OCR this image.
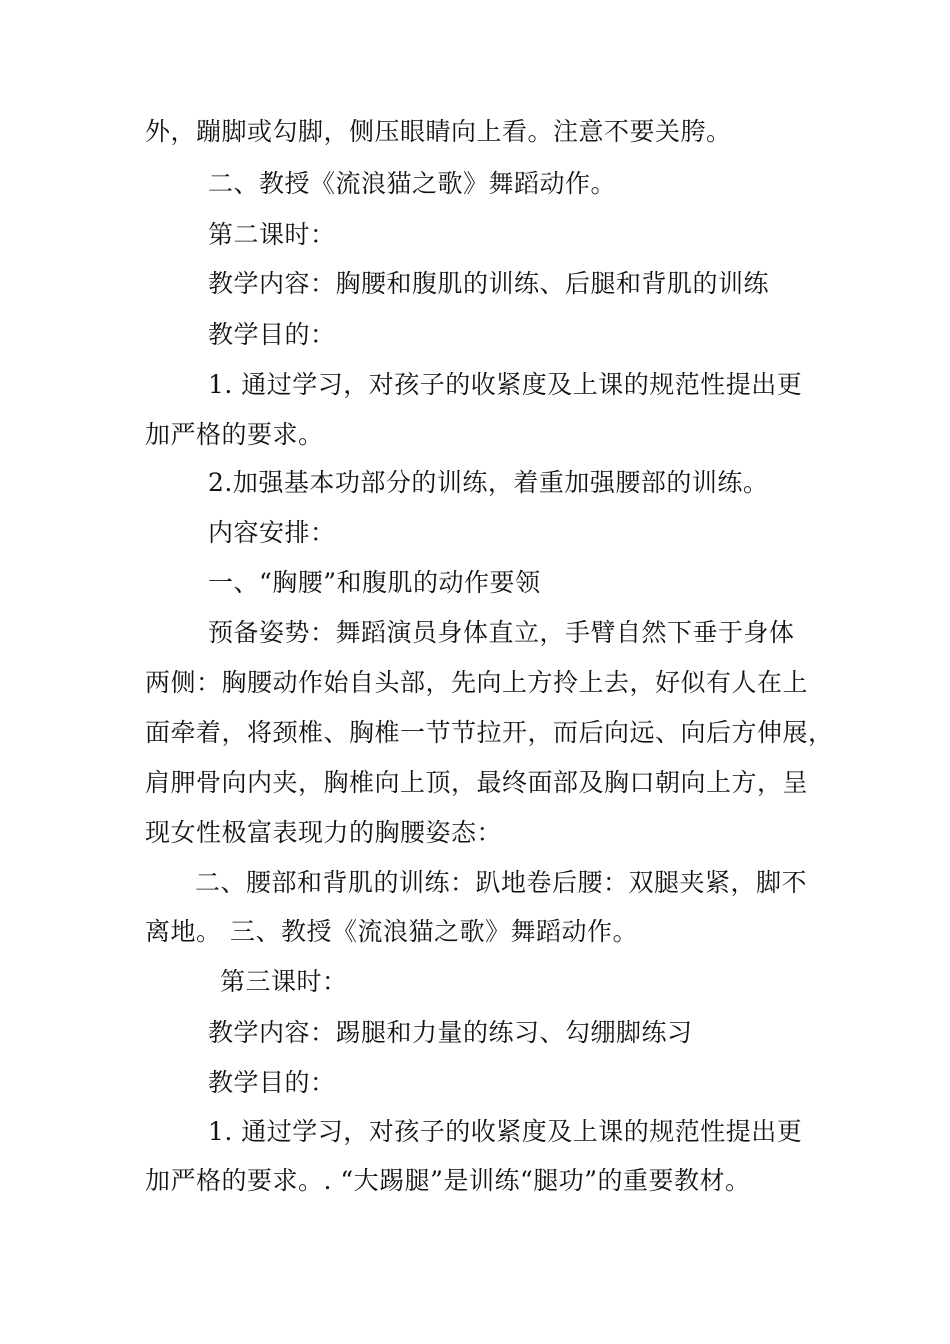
外，蹦脚或勾脚，侧压眼睛向上看。注意不要关胯。
二、教授《流浪猫之歌》舞蹈动作。
第二课时：
教学内容：胸腰和腹肌的训练、后腿和背肌的训练
教学目的：
1. 通过学习，对孩子的收紧度及上课的规范性提出更
加严格的要求。
2.加强基本功部分的训练，着重加强腰部的训练。
内容安排：
一、“胸腰”和腹肌的动作要领
预备姿势：舞蹈演员身体直立，手臂自然下垂于身体
两侧：胸腰动作始自头部，先向上方拎上去，好似有人在上
面牵着，将颈椎、胸椎一节节拉开，而后向远、向后方伸展，
肩胛骨向内夹，胸椎向上顶，最终面部及胸口朝向上方，呈
现女性极富表现力的胸腰姿态：
二、腰部和背肌的训练：趴地卷后腰：双腿夹紧，脚不
离地。 三、教授《流浪猫之歌》舞蹈动作。
第三课时：
教学内容：踢腿和力量的练习、勾绷脚练习
教学目的：
1. 通过学习，对孩子的收紧度及上课的规范性提出更
加严格的要求。. “大踢腿”是训练“腿功”的重要教材。
